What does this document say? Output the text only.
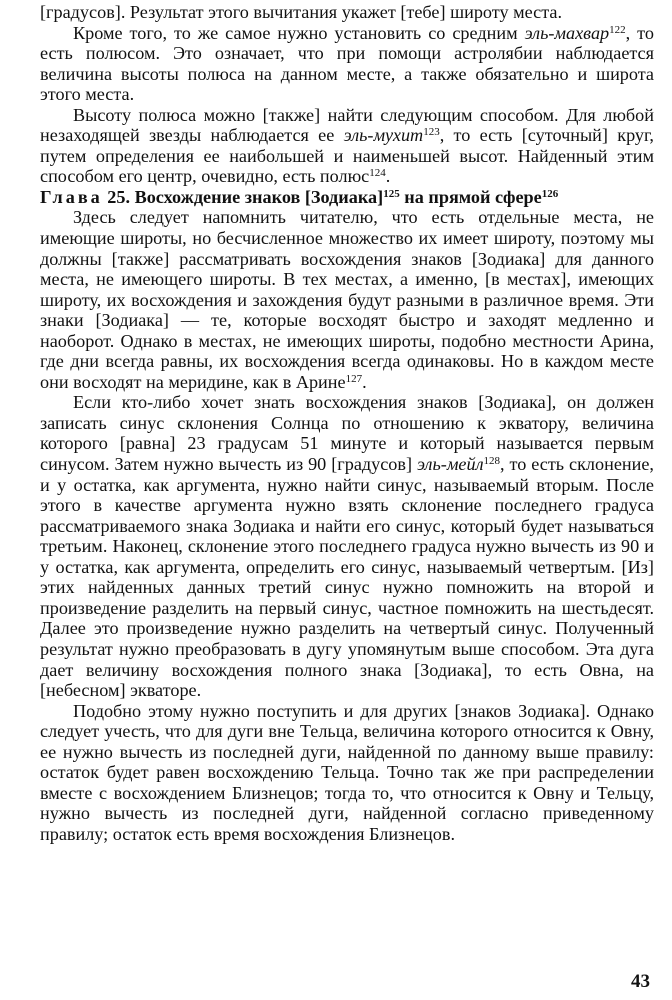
[градусов]. Результат этого вычитания укажет [тебе] широту места.

Кроме того, то же самое нужно установить со средним эль-махвар$^{122}$, то есть полюсом. Это означает, что при помощи астролябии наблюдается величина высоты полюса на данном месте, а также обязательно и широта этого места.

Высоту полюса можно [также] найти следующим способом. Для любой незаходящей звезды наблюдается ее эль-мухит$^{123}$, то есть [суточный] круг, путем определения ее наибольшей и наименьшей высот. Найденный этим способом его центр, очевидно, есть полюс$^{124}$.

Глава 25. Восхождение знаков [Зодиака]$^{125}$ на прямой сфере$^{126}$

Здесь следует напомнить читателю, что есть отдельные места, не имеющие широты, но бесчисленное множество их имеет широту, поэтому мы должны [также] рассматривать восхождения знаков [Зодиака] для данного места, не имеющего широты. В тех местах, а именно, [в местах], имеющих широту, их восхождения и захождения будут разными в различное время. Эти знаки [Зодиака] — те, которые восходят быстро и заходят медленно и наоборот. Однако в местах, не имеющих широты, подобно местности Арина, где дни всегда равны, их восхождения всегда одинаковы. Но в каждом месте они восходят на меридине, как в Арине$^{127}$.

Если кто-либо хочет знать восхождения знаков [Зодиака], он должен записать синус склонения Солнца по отношению к экватору, величина которого [равна] 23 градусам 51 минуте и который называется первым синусом. Затем нужно вычесть из 90 [градусов] эль-мейл$^{128}$, то есть склонение, и у остатка, как аргумента, нужно найти синус, называемый вторым. После этого в качестве аргумента нужно взять склонение последнего градуса рассматриваемого знака Зодиака и найти его синус, который будет называться третьим. Наконец, склонение этого последнего градуса нужно вычесть из 90 и у остатка, как аргумента, определить его синус, называемый четвертым. [Из] этих найденных данных третий синус нужно помножить на второй и произведение разделить на первый синус, частное помножить на шестьдесят. Далее это произведение нужно разделить на четвертый синус. Полученный результат нужно преобразовать в дугу упомянутым выше способом. Эта дуга дает величину восхождения полного знака [Зодиака], то есть Овна, на [небесном] экваторе.

Подобно этому нужно поступить и для других [знаков Зодиака]. Однако следует учесть, что для дуги вне Тельца, величина которого относится к Овну, ее нужно вычесть из последней дуги, найденной по данному выше правилу: остаток будет равен восхождению Тельца. Точно так же при распределении вместе с восхождением Близнецов; тогда то, что относится к Овну и Тельцу, нужно вычесть из последней дуги, найденной согласно приведенному правилу; остаток есть время восхождения Близнецов.

43
